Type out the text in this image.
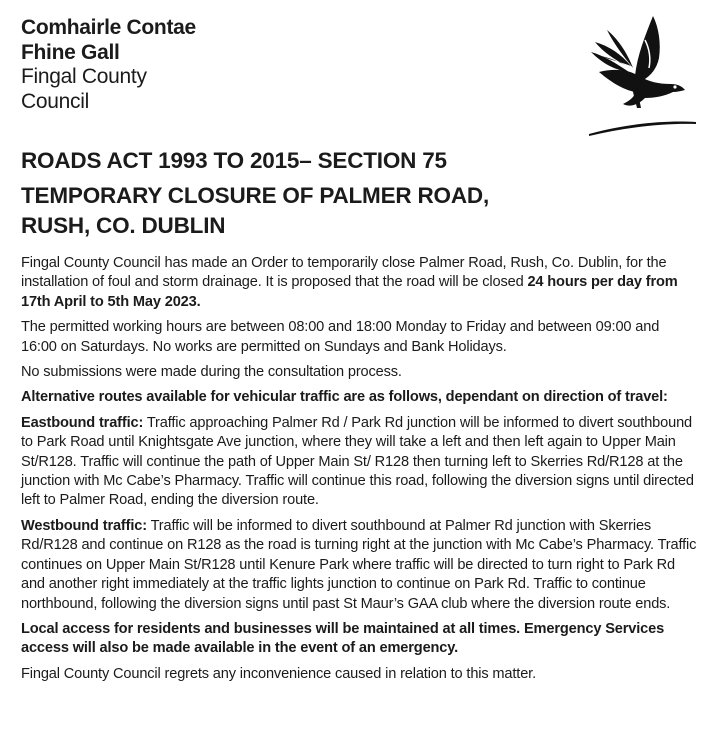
Comhairle Contae
Fhine Gall
Fingal County
Council
ROADS ACT 1993 TO 2015– SECTION 75
TEMPORARY CLOSURE OF PALMER ROAD,
RUSH, CO. DUBLIN

Fingal County Council has made an Order to temporarily close Palmer Road, Rush, Co. Dublin, for the installation of foul and storm drainage. It is proposed that the road will be closed 24 hours per day from 17th April to 5th May 2023.

The permitted working hours are between 08:00 and 18:00 Monday to Friday and between 09:00 and 16:00 on Saturdays. No works are permitted on Sundays and Bank Holidays.

No submissions were made during the consultation process.

Alternative routes available for vehicular traffic are as follows, dependant on direction of travel:

Eastbound traffic: Traffic approaching Palmer Rd / Park Rd junction will be informed to divert southbound to Park Road until Knightsgate Ave junction, where they will take a left and then left again to Upper Main St/R128. Traffic will continue the path of Upper Main St/ R128 then turning left to Skerries Rd/R128 at the junction with Mc Cabe’s Pharmacy. Traffic will continue this road, following the diversion signs until directed left to Palmer Road, ending the diversion route.

Westbound traffic: Traffic will be informed to divert southbound at Palmer Rd junction with Skerries Rd/R128 and continue on R128 as the road is turning right at the junction with Mc Cabe’s Pharmacy. Traffic continues on Upper Main St/R128 until Kenure Park where traffic will be directed to turn right to Park Rd and another right immediately at the traffic lights junction to continue on Park Rd. Traffic to continue northbound, following the diversion signs until past St Maur’s GAA club where the diversion route ends.

Local access for residents and businesses will be maintained at all times. Emergency Services access will also be made available in the event of an emergency.

Fingal County Council regrets any inconvenience caused in relation to this matter.
